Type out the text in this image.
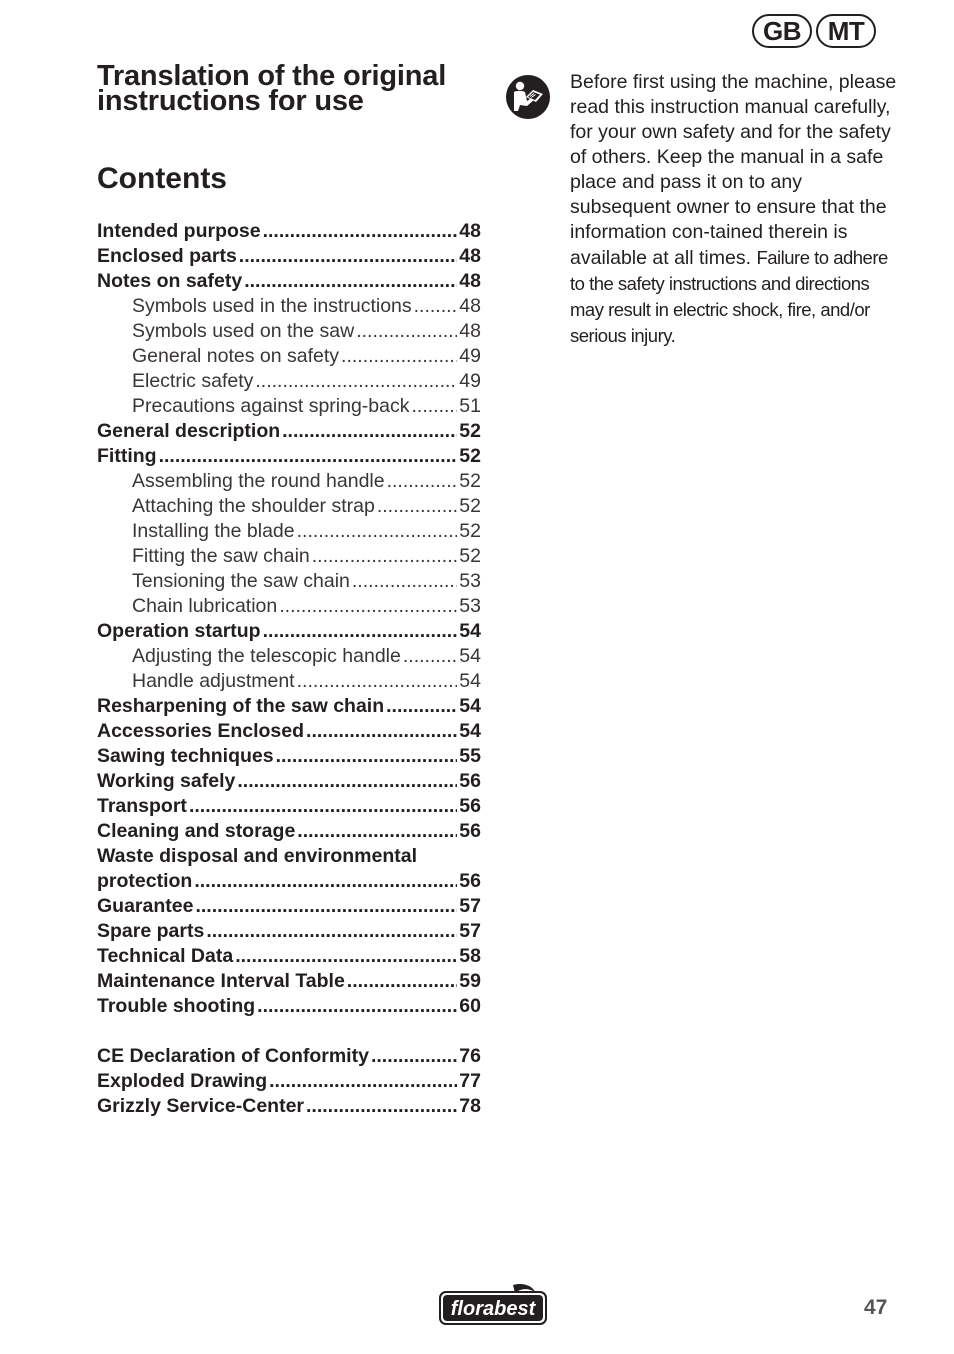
GB	MT
Translation of the original instructions for use
Contents
Intended purpose .....	48
Enclosed parts .....	48
Notes on safety .....	48
Symbols used in the instructions ..... 48
Symbols used on the saw .....	48
General notes on safety .....	49
Electric safety .....	49
Precautions against spring-back .....	51
General description .....	52
Fitting .....	52
Assembling the round handle .....	52
Attaching the shoulder strap .....	52
Installing the blade .....	52
Fitting the saw chain .....	52
Tensioning the saw chain .....	53
Chain lubrication .....	53
Operation startup .....	54
Adjusting the telescopic handle .....	54
Handle adjustment .....	54
Resharpening of the saw chain .....	54
Accessories Enclosed .....	54
Sawing techniques .....	55
Working safely .....	56
Transport .....	56
Cleaning and storage .....	56
Waste disposal and environmental
protection .....	56
Guarantee .....	57
Spare parts .....	57
Technical Data .....	58
Maintenance Interval Table .....	59
Trouble shooting .....	60
CE Declaration of Conformity .....	76
Exploded Drawing .....	77
Grizzly Service-Center .....	78

Before first using the machine, please read this instruction manual carefully, for your own safety and for the safety of others. Keep the manual in a safe place and pass it on to any subsequent owner to ensure that the information con-tained therein is available at all times. Failure to adhere to the safety instructions and directions may result in electric shock, fire, and/or serious injury.

florabest	47
